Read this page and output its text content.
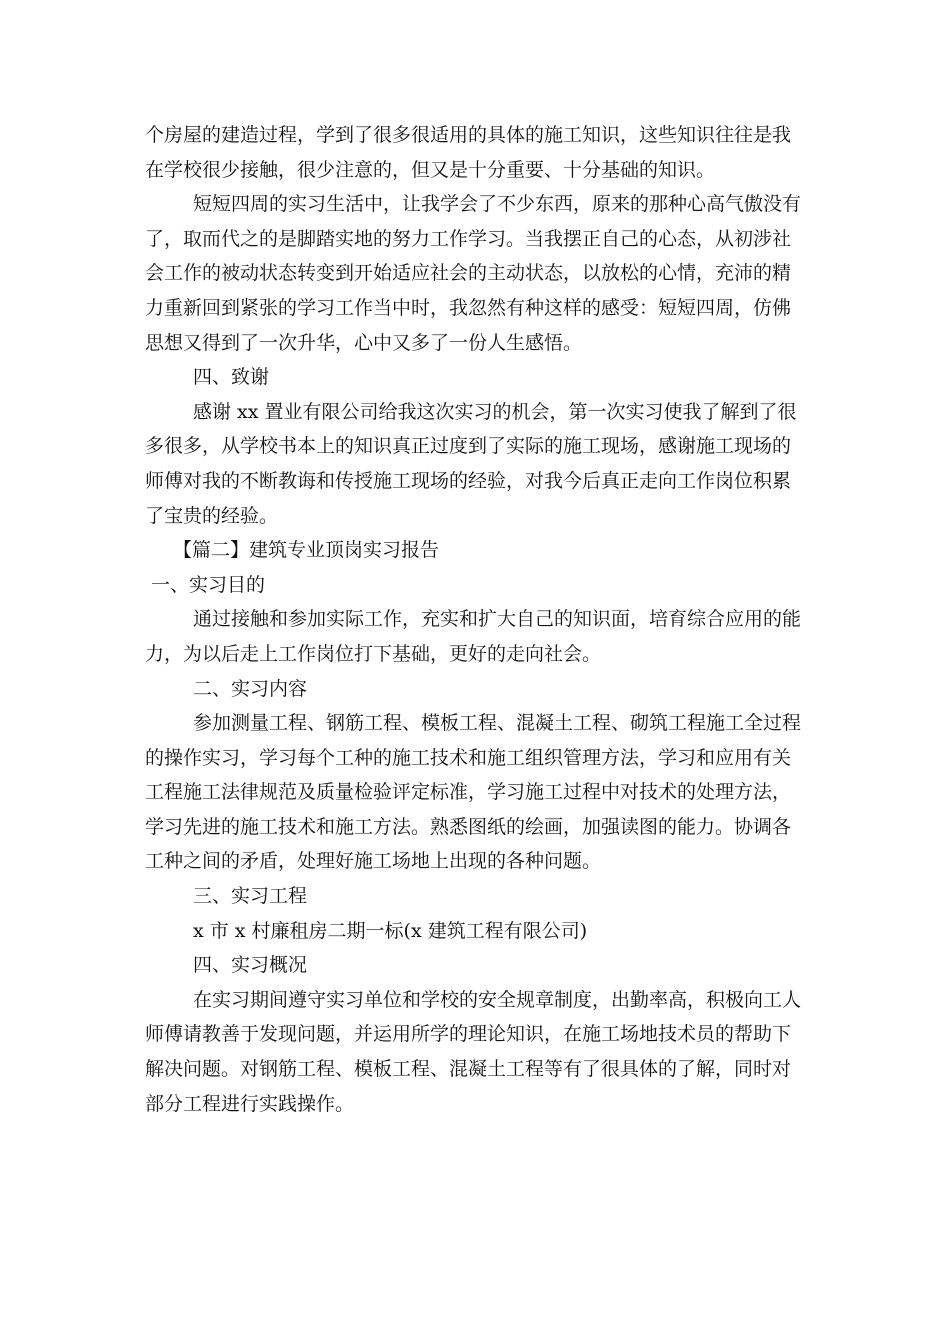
个房屋的建造过程，学到了很多很适用的具体的施工知识，这些知识往往是我在学校很少接触，很少注意的，但又是十分重要、十分基础的知识。

短短四周的实习生活中，让我学会了不少东西，原来的那种心高气傲没有了，取而代之的是脚踏实地的努力工作学习。当我摆正自己的心态，从初涉社会工作的被动状态转变到开始适应社会的主动状态，以放松的心情，充沛的精力重新回到紧张的学习工作当中时，我忽然有种这样的感受：短短四周，仿佛思想又得到了一次升华，心中又多了一份人生感悟。

四、致谢

感谢 xx 置业有限公司给我这次实习的机会，第一次实习使我了解到了很多很多，从学校书本上的知识真正过度到了实际的施工现场，感谢施工现场的师傅对我的不断教诲和传授施工现场的经验，对我今后真正走向工作岗位积累了宝贵的经验。

【篇二】建筑专业顶岗实习报告

一、实习目的

通过接触和参加实际工作，充实和扩大自己的知识面，培育综合应用的能力，为以后走上工作岗位打下基础，更好的走向社会。

二、实习内容

参加测量工程、钢筋工程、模板工程、混凝土工程、砌筑工程施工全过程的操作实习，学习每个工种的施工技术和施工组织管理方法，学习和应用有关工程施工法律规范及质量检验评定标准，学习施工过程中对技术的处理方法，学习先进的施工技术和施工方法。熟悉图纸的绘画，加强读图的能力。协调各工种之间的矛盾，处理好施工场地上出现的各种问题。

三、实习工程

x 市 x 村廉租房二期一标(x 建筑工程有限公司)

四、实习概况

在实习期间遵守实习单位和学校的安全规章制度，出勤率高，积极向工人师傅请教善于发现问题，并运用所学的理论知识，在施工场地技术员的帮助下解决问题。对钢筋工程、模板工程、混凝土工程等有了很具体的了解，同时对部分工程进行实践操作。
